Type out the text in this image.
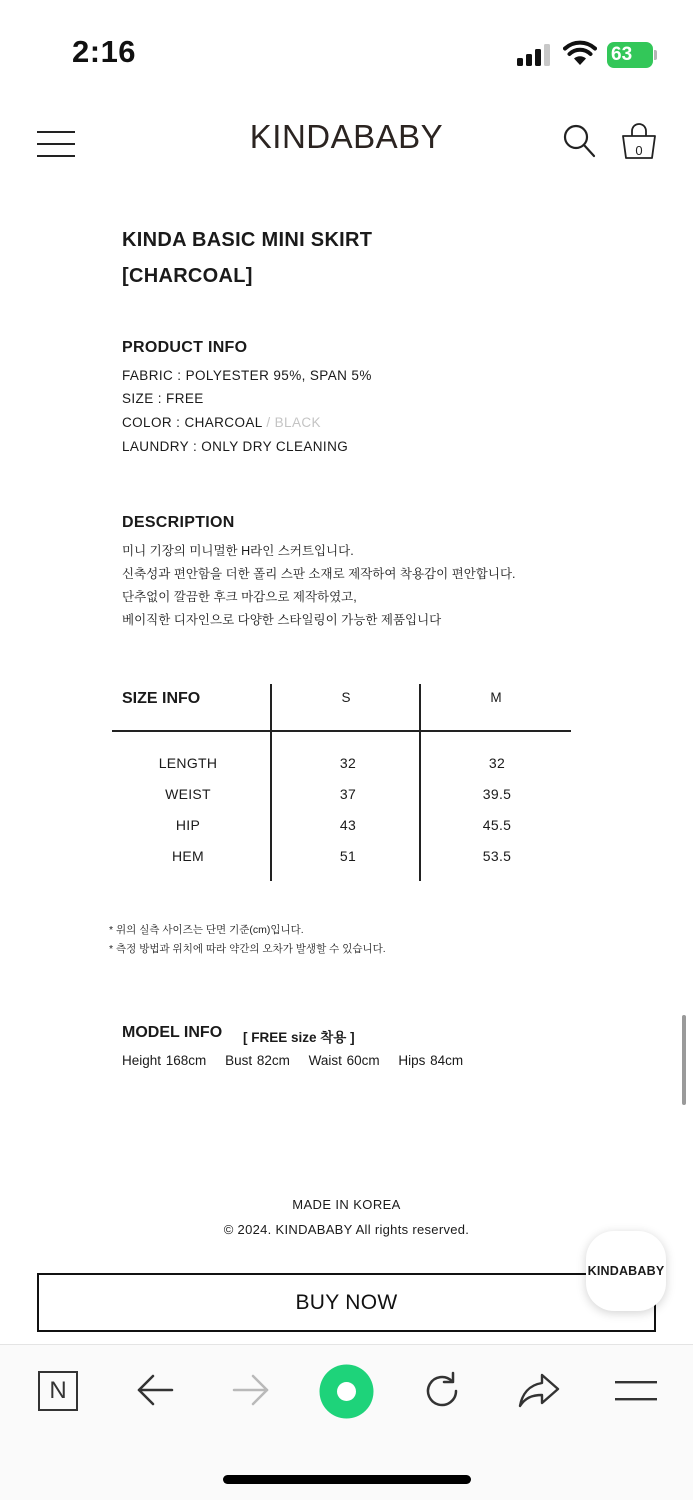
2:16	63
KINDABABY	0
KINDA BASIC MINI SKIRT
[CHARCOAL]
PRODUCT INFO
FABRIC : POLYESTER 95%, SPAN 5%
SIZE : FREE
COLOR : CHARCOAL / BLACK
LAUNDRY : ONLY DRY CLEANING
DESCRIPTION
미니 기장의 미니멀한 H라인 스커트입니다.
신축성과 편안함을 더한 폴리 스판 소재로 제작하여 착용감이 편안합니다.
단추없이 깔끔한 후크 마감으로 제작하였고,
베이직한 디자인으로 다양한 스타일링이 가능한 제품입니다
SIZE INFO	S	M
LENGTH	32	32
WEIST	37	39.5
HIP	43	45.5
HEM	51	53.5
* 위의 실측 사이즈는 단면 기준(cm)입니다.
* 측정 방법과 위치에 따라 약간의 오차가 발생할 수 있습니다.
MODEL INFO [ FREE size 착용 ]
Height 168cm Bust 82cm Waist 60cm Hips 84cm
MADE IN KOREA
© 2024. KINDABABY All rights reserved.
BUY NOW
KINDABABY
N
